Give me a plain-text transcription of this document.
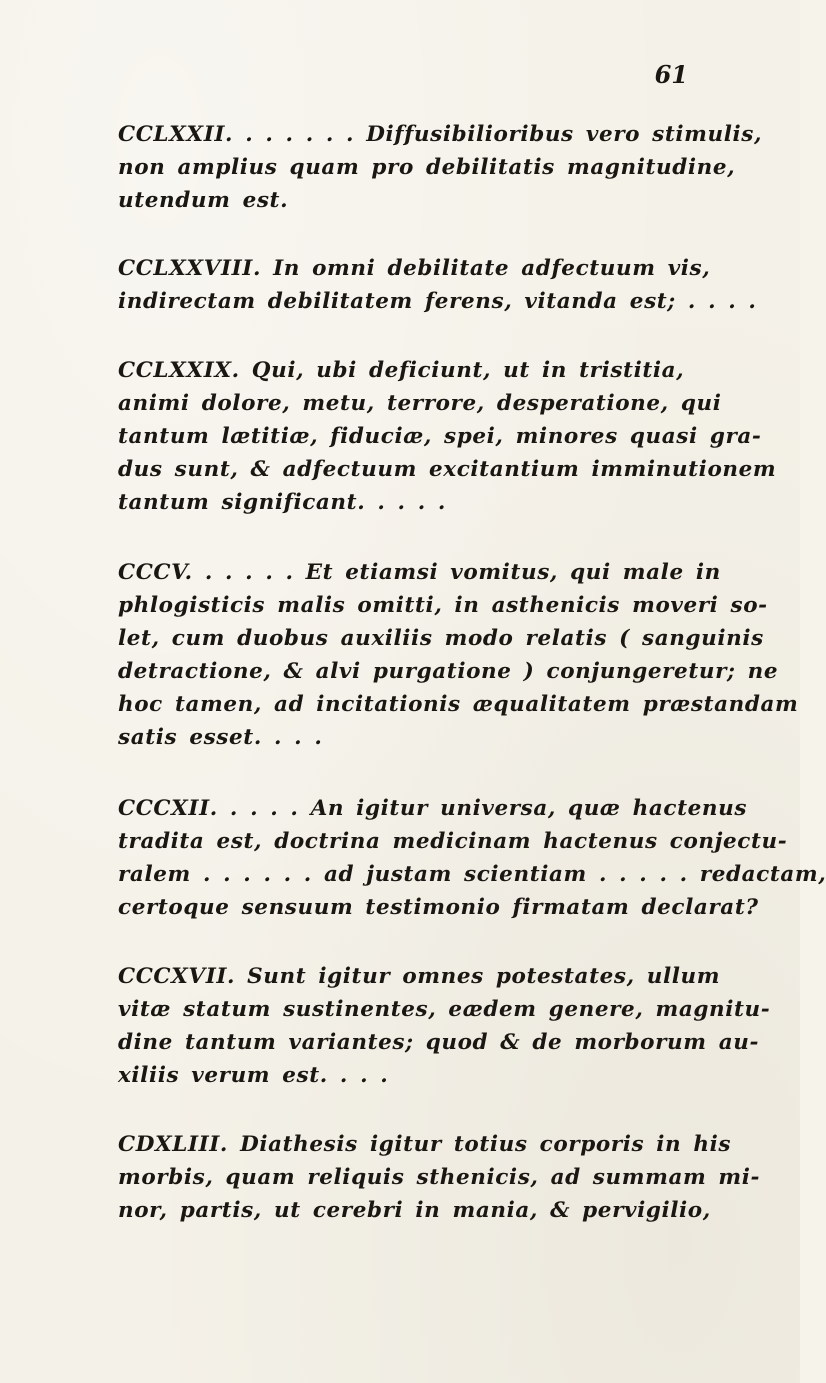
61
CCLXXII. . . . . . . Diffusibilioribus vero stimulis,
non amplius quam pro debilitatis magnitudine,
utendum est.
CCLXXVIII. In omni debilitate adfectuum vis,
indirectam debilitatem ferens, vitanda est; . . . .
CCLXXIX. Qui, ubi deficiunt, ut in tristitia,
animi dolore, metu, terrore, desperatione, qui
tantum lætitiæ, fiduciæ, spei, minores quasi gra-
dus sunt, & adfectuum excitantium imminutionem
tantum significant. . . . .
CCCV. . . . . . Et etiamsi vomitus, qui male in
phlogisticis malis omitti, in asthenicis moveri so-
let, cum duobus auxiliis modo relatis ( sanguinis
detractione, & alvi purgatione ) conjungeretur; ne
hoc tamen, ad incitationis æqualitatem præstandam
satis esset. . . .
CCCXII. . . . . An igitur universa, quæ hactenus
tradita est, doctrina medicinam hactenus conjectu-
ralem . . . . . . ad justam scientiam . . . . . redactam,
certoque sensuum testimonio firmatam declarat?
CCCXVII. Sunt igitur omnes potestates, ullum
vitæ statum sustinentes, eædem genere, magnitu-
dine tantum variantes; quod & de morborum au-
xiliis verum est. . . .
CDXLIII. Diathesis igitur totius corporis in his
morbis, quam reliquis sthenicis, ad summam mi-
nor, partis, ut cerebri in mania, & pervigilio,
